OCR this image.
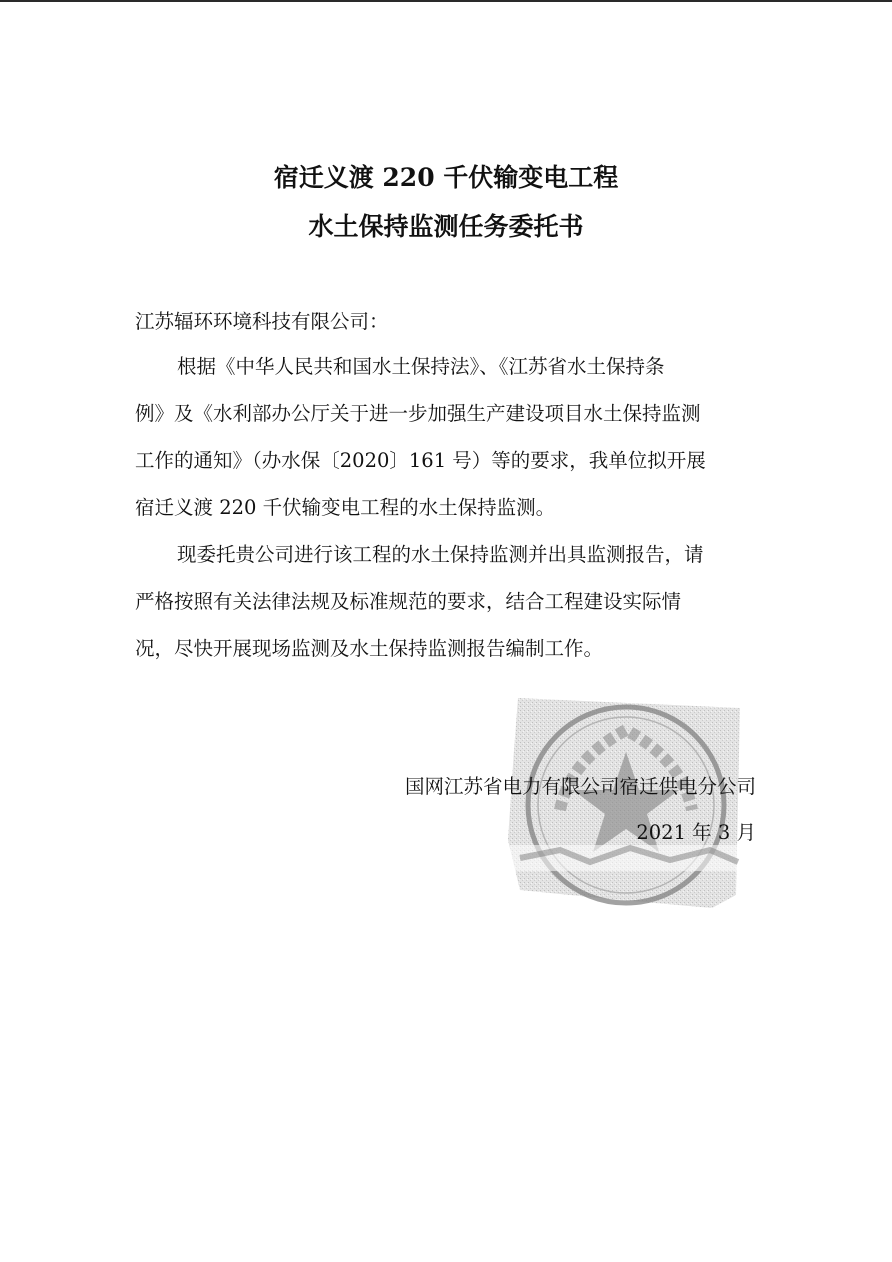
宿迁义渡 220 千伏输变电工程
水土保持监测任务委托书
江苏辐环环境科技有限公司：
根据《中华人民共和国水土保持法》、《江苏省水土保持条
例》及《水利部办公厅关于进一步加强生产建设项目水土保持监测
工作的通知》（办水保〔2020〕161 号）等的要求，我单位拟开展
宿迁义渡 220 千伏输变电工程的水土保持监测。
现委托贵公司进行该工程的水土保持监测并出具监测报告，请
严格按照有关法律法规及标准规范的要求，结合工程建设实际情
况，尽快开展现场监测及水土保持监测报告编制工作。
国网江苏省电力有限公司宿迁供电分公司
2021 年 3 月
